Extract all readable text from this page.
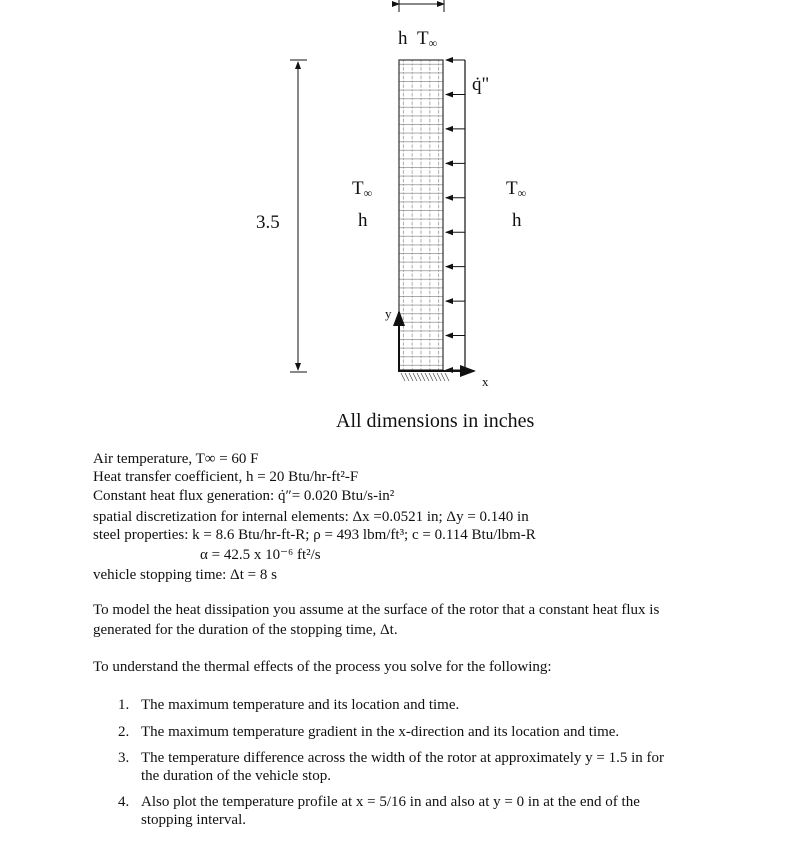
h $T_\infty$
q̇"
$T_\infty$
h
$T_\infty$
h
3.5
y
x
All dimensions in inches
Air temperature, T∞ = 60 F
Heat transfer coefficient, h = 20 Btu/hr-ft²-F
Constant heat flux generation: q̇″= 0.020 Btu/s-in²
spatial discretization for internal elements: Δx =0.0521 in; Δy = 0.140 in
steel properties: k = 8.6 Btu/hr-ft-R; ρ = 493 lbm/ft³; c = 0.114 Btu/lbm-R
α = 42.5 x 10⁻⁶ ft²/s
vehicle stopping time: Δt = 8 s
To model the heat dissipation you assume at the surface of the rotor that a constant heat flux is
generated for the duration of the stopping time, Δt.
To understand the thermal effects of the process you solve for the following:
1. The maximum temperature and its location and time.
2. The maximum temperature gradient in the x-direction and its location and time.
3. The temperature difference across the width of the rotor at approximately y = 1.5 in for
the duration of the vehicle stop.
4. Also plot the temperature profile at x = 5/16 in and also at y = 0 in at the end of the
stopping interval.
